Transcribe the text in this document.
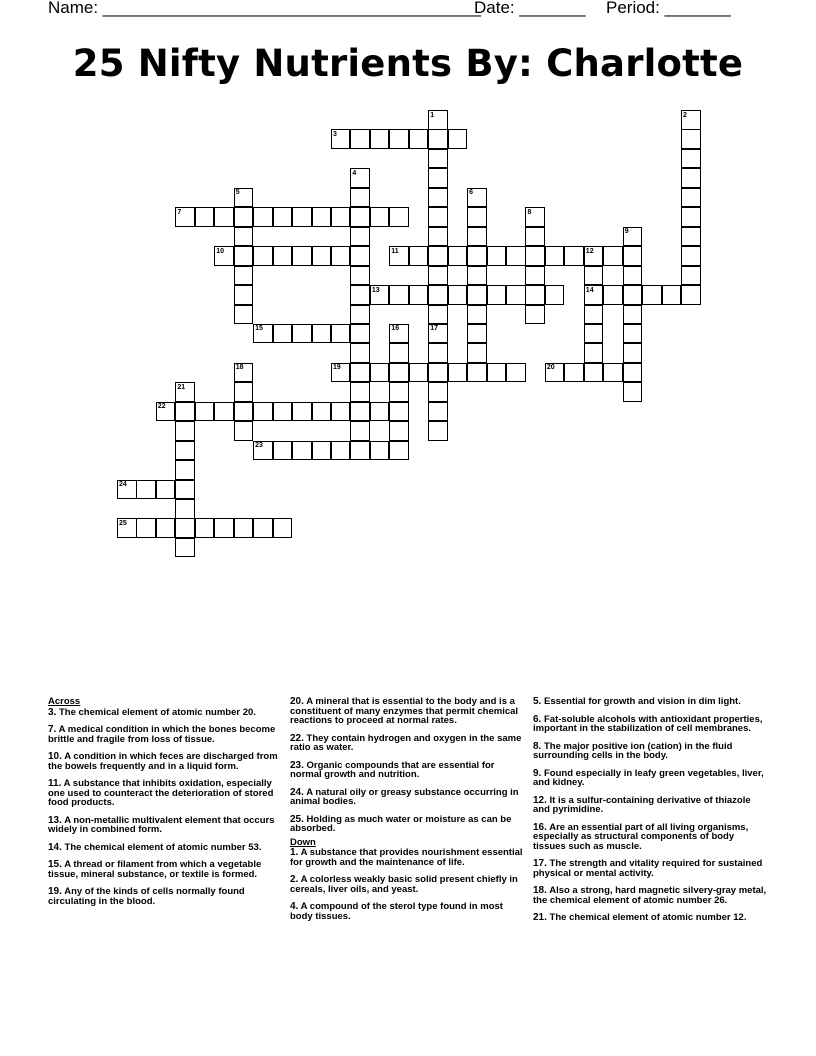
Name: ________________________________________
Date: _______ Period: _______
25 Nifty Nutrients By: Charlotte
1	2
3
4
5	6
7	8
9
10	11	12
13	14
15	16	17
18	19	20
21
22
23
24
25
Across
3. The chemical element of atomic number 20.
7. A medical condition in which the bones become brittle and fragile from loss of tissue.
10. A condition in which feces are discharged from the bowels frequently and in a liquid form.
11. A substance that inhibits oxidation, especially one used to counteract the deterioration of stored food products.
13. A non-metallic multivalent element that occurs widely in combined form.
14. The chemical element of atomic number 53.
15. A thread or filament from which a vegetable tissue, mineral substance, or textile is formed.
19. Any of the kinds of cells normally found circulating in the blood.
20. A mineral that is essential to the body and is a constituent of many enzymes that permit chemical reactions to proceed at normal rates.
22. They contain hydrogen and oxygen in the same ratio as water.
23. Organic compounds that are essential for normal growth and nutrition.
24. A natural oily or greasy substance occurring in animal bodies.
25. Holding as much water or moisture as can be absorbed.
Down
1. A substance that provides nourishment essential for growth and the maintenance of life.
2. A colorless weakly basic solid present chiefly in cereals, liver oils, and yeast.
4. A compound of the sterol type found in most body tissues.
5. Essential for growth and vision in dim light.
6. Fat-soluble alcohols with antioxidant properties, important in the stabilization of cell membranes.
8. The major positive ion (cation) in the fluid surrounding cells in the body.
9. Found especially in leafy green vegetables, liver, and kidney.
12. It is a sulfur-containing derivative of thiazole and pyrimidine.
16. Are an essential part of all living organisms, especially as structural components of body tissues such as muscle.
17. The strength and vitality required for sustained physical or mental activity.
18. Also a strong, hard magnetic silvery-gray metal, the chemical element of atomic number 26.
21. The chemical element of atomic number 12.
